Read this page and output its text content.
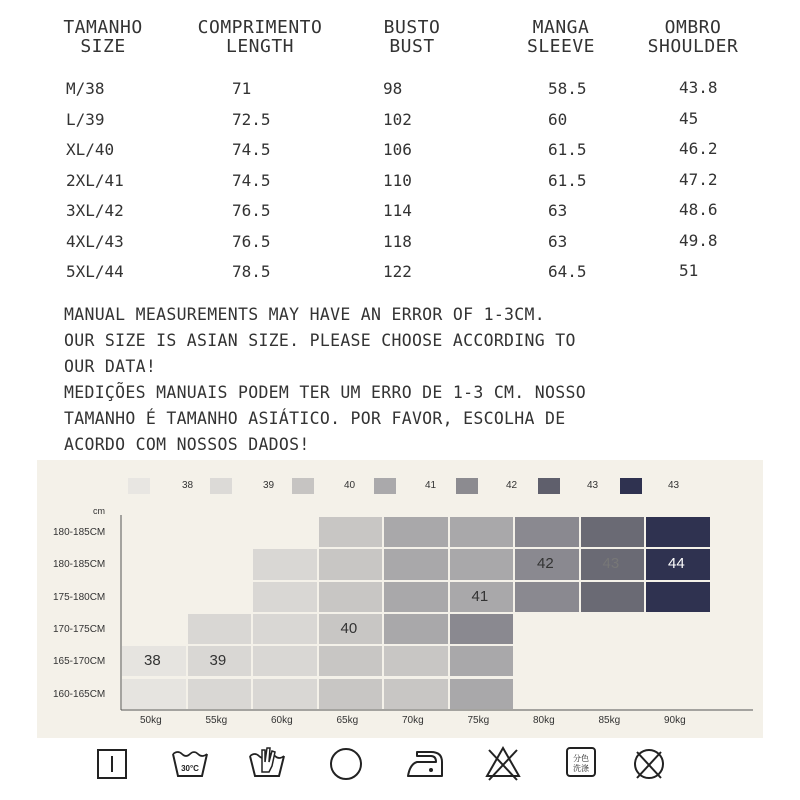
TAMANHO
SIZE
COMPRIMENTO
LENGTH
BUSTO
BUST
MANGA
SLEEVE
OMBRO
SHOULDER
M/38	71	98	58.5	43.8
L/39	72.5	102	60	45
XL/40	74.5	106	61.5	46.2
2XL/41	74.5	110	61.5	47.2
3XL/42	76.5	114	63	48.6
4XL/43	76.5	118	63	49.8
5XL/44	78.5	122	64.5	51
MANUAL MEASUREMENTS MAY HAVE AN ERROR OF 1-3CM.
OUR SIZE IS ASIAN SIZE. PLEASE CHOOSE ACCORDING TO
OUR DATA!
MEDIÇÕES MANUAIS PODEM TER UM ERRO DE 1-3 CM. NOSSO
TAMANHO É TAMANHO ASIÁTICO. POR FAVOR, ESCOLHA DE
ACORDO COM NOSSOS DADOS!
38	39	40	41	42	43	43
cm
42	43	44
41
40
38	39
180-185CM
180-185CM
175-180CM
170-175CM
165-170CM
160-165CM
50kg	55kg	60kg	65kg	70kg	75kg	80kg	85kg	90kg
30°C
分色
洗涤
